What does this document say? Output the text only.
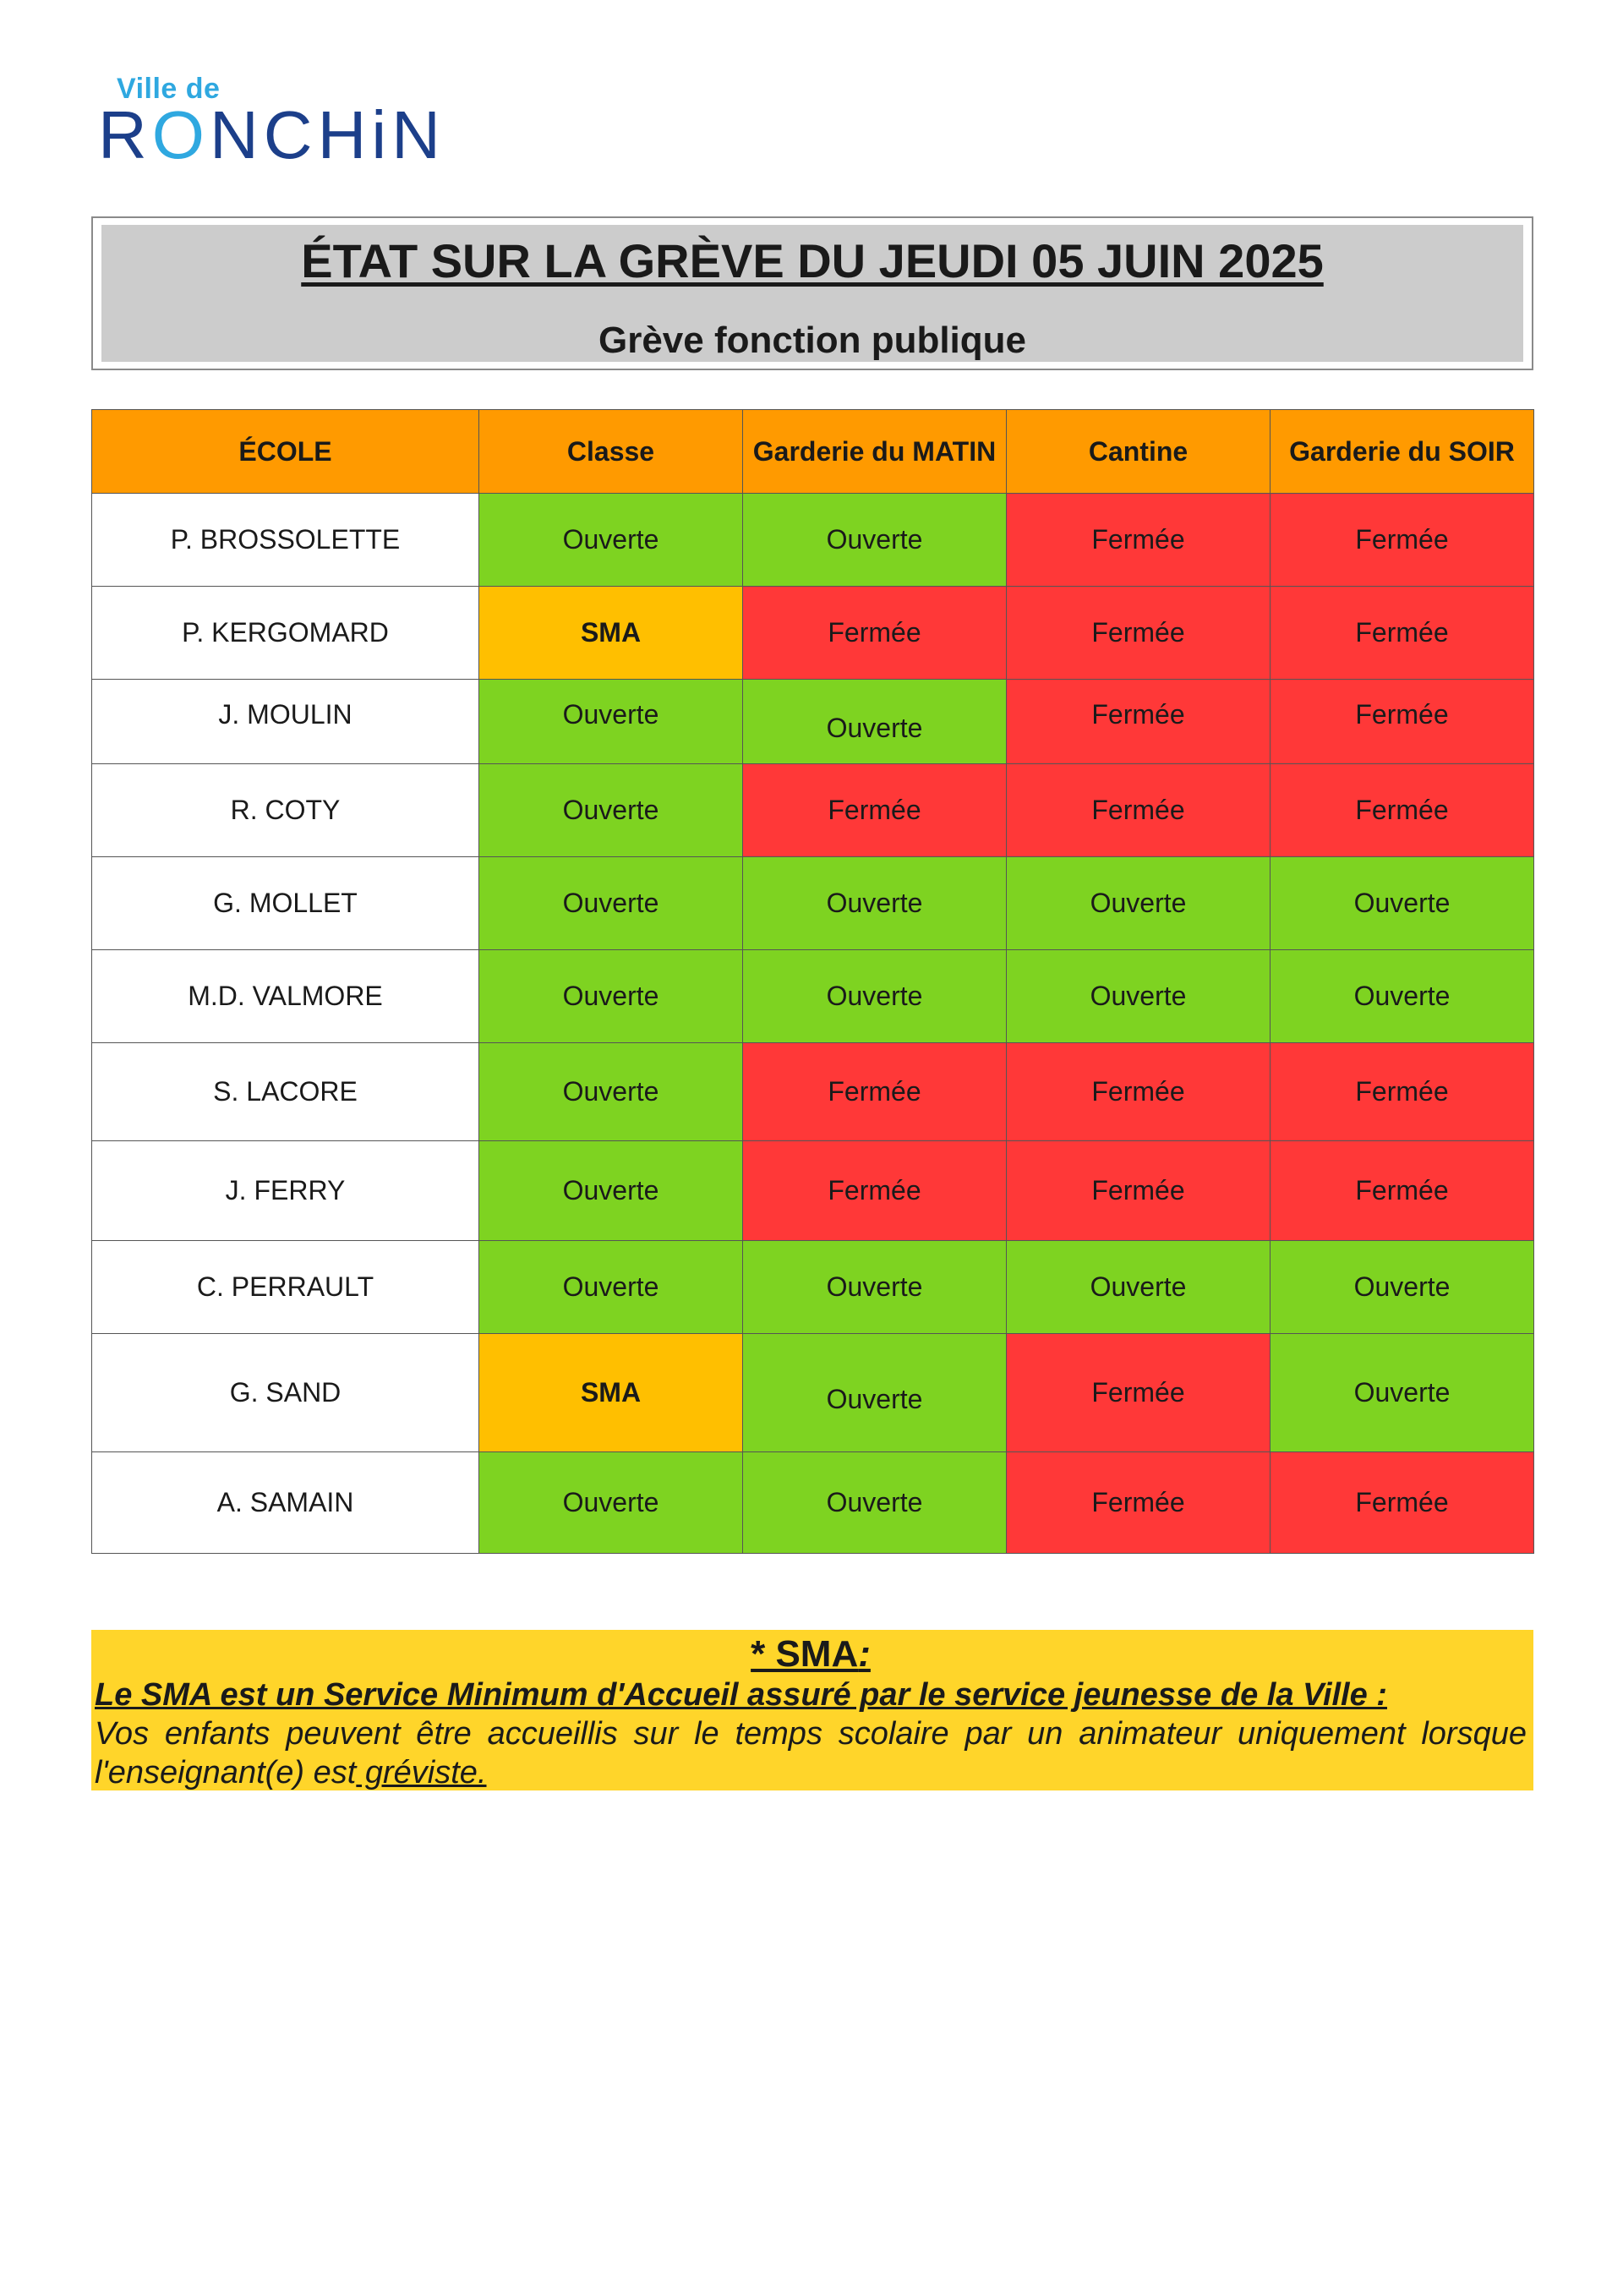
Ville de
RONCHiN
ÉTAT SUR LA GRÈVE DU JEUDI 05 JUIN 2025
Grève fonction publique
ÉCOLE	Classe	Garderie du MATIN	Cantine	Garderie du SOIR
P. BROSSOLETTE	Ouverte	Ouverte	Fermée	Fermée
P. KERGOMARD	SMA	Fermée	Fermée	Fermée
J. MOULIN	Ouverte	Ouverte	Fermée	Fermée
R. COTY	Ouverte	Fermée	Fermée	Fermée
G. MOLLET	Ouverte	Ouverte	Ouverte	Ouverte
M.D. VALMORE	Ouverte	Ouverte	Ouverte	Ouverte
S. LACORE	Ouverte	Fermée	Fermée	Fermée
J. FERRY	Ouverte	Fermée	Fermée	Fermée
C. PERRAULT	Ouverte	Ouverte	Ouverte	Ouverte
G. SAND	SMA	Ouverte	Fermée	Ouverte
A. SAMAIN	Ouverte	Ouverte	Fermée	Fermée
* SMA:
Le SMA est un Service Minimum d'Accueil assuré par le service jeunesse de la Ville :
Vos enfants peuvent être accueillis sur le temps scolaire par un animateur uniquement lorsque l'enseignant(e) est gréviste.
